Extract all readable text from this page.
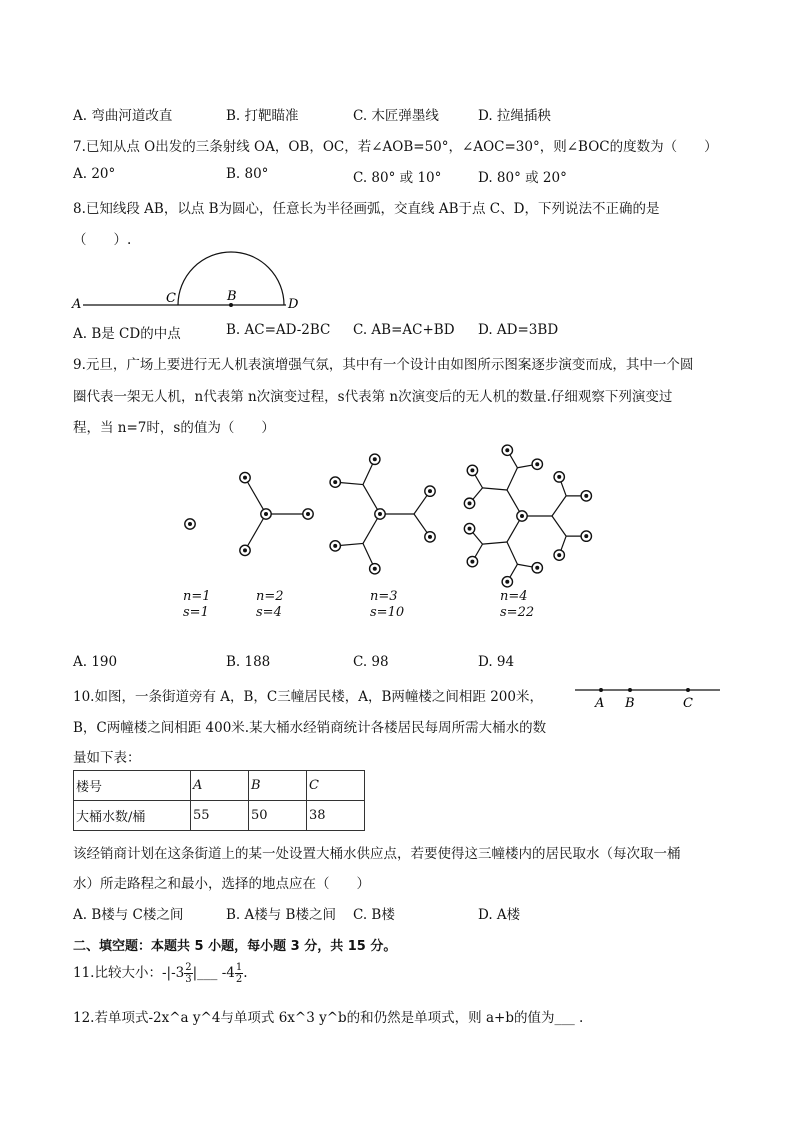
A. 弯曲河道改直	B. 打靶瞄准	C. 木匠弹墨线	D. 拉绳插秧
7.已知从点 O出发的三条射线 OA，OB，OC，若∠AOB=50°，∠AOC=30°，则∠BOC的度数为（　　）
A. 20°	B. 80°	C. 80° 或 10°	D. 80° 或 20°
8.已知线段 AB，以点 B为圆心，任意长为半径画弧，交直线 AB于点 C、D，下列说法不正确的是
（　　）.
A	C	B
D
A. B是 CD的中点	B. AC=AD-2BC C. AB=AC+BD D. AD=3BD
9.元旦，广场上要进行无人机表演增强气氛，其中有一个设计由如图所示图案逐步演变而成，其中一个圆
圈代表一架无人机，n代表第 n次演变过程，s代表第 n次演变后的无人机的数量.仔细观察下列演变过
程，当 n=7时，s的值为（　　）
n=1
s=1
n=2
s=4
n=3
s=10
n=4
s=22
A. 190	B. 188	C. 98	D. 94
10.如图，一条街道旁有 A，B，C三幢居民楼，A，B两幢楼之间相距 200米，
B，C两幢楼之间相距 400米.某大桶水经销商统计各楼居民每周所需大桶水的数
量如下表：
A B	C
楼号	A	B	C
大桶水数/桶	55	50	38
该经销商计划在这条街道上的某一处设置大桶水供应点，若要使得这三幢楼内的居民取水（每次取一桶
水）所走路程之和最小，选择的地点应在（　　）
A. B楼与 C楼之间	B. A楼与 B楼之间 C. B楼	D. A楼
二、填空题：本题共 5 小题，每小题 3 分，共 15 分。
11.比较大小：$-|-3 \frac{2}{3}$ |___ $-4 \frac{1}{2}$ .
12.若单项式-2x^a y^4与单项式 6x^3 y^b的和仍然是单项式，则 a+b的值为___ .
